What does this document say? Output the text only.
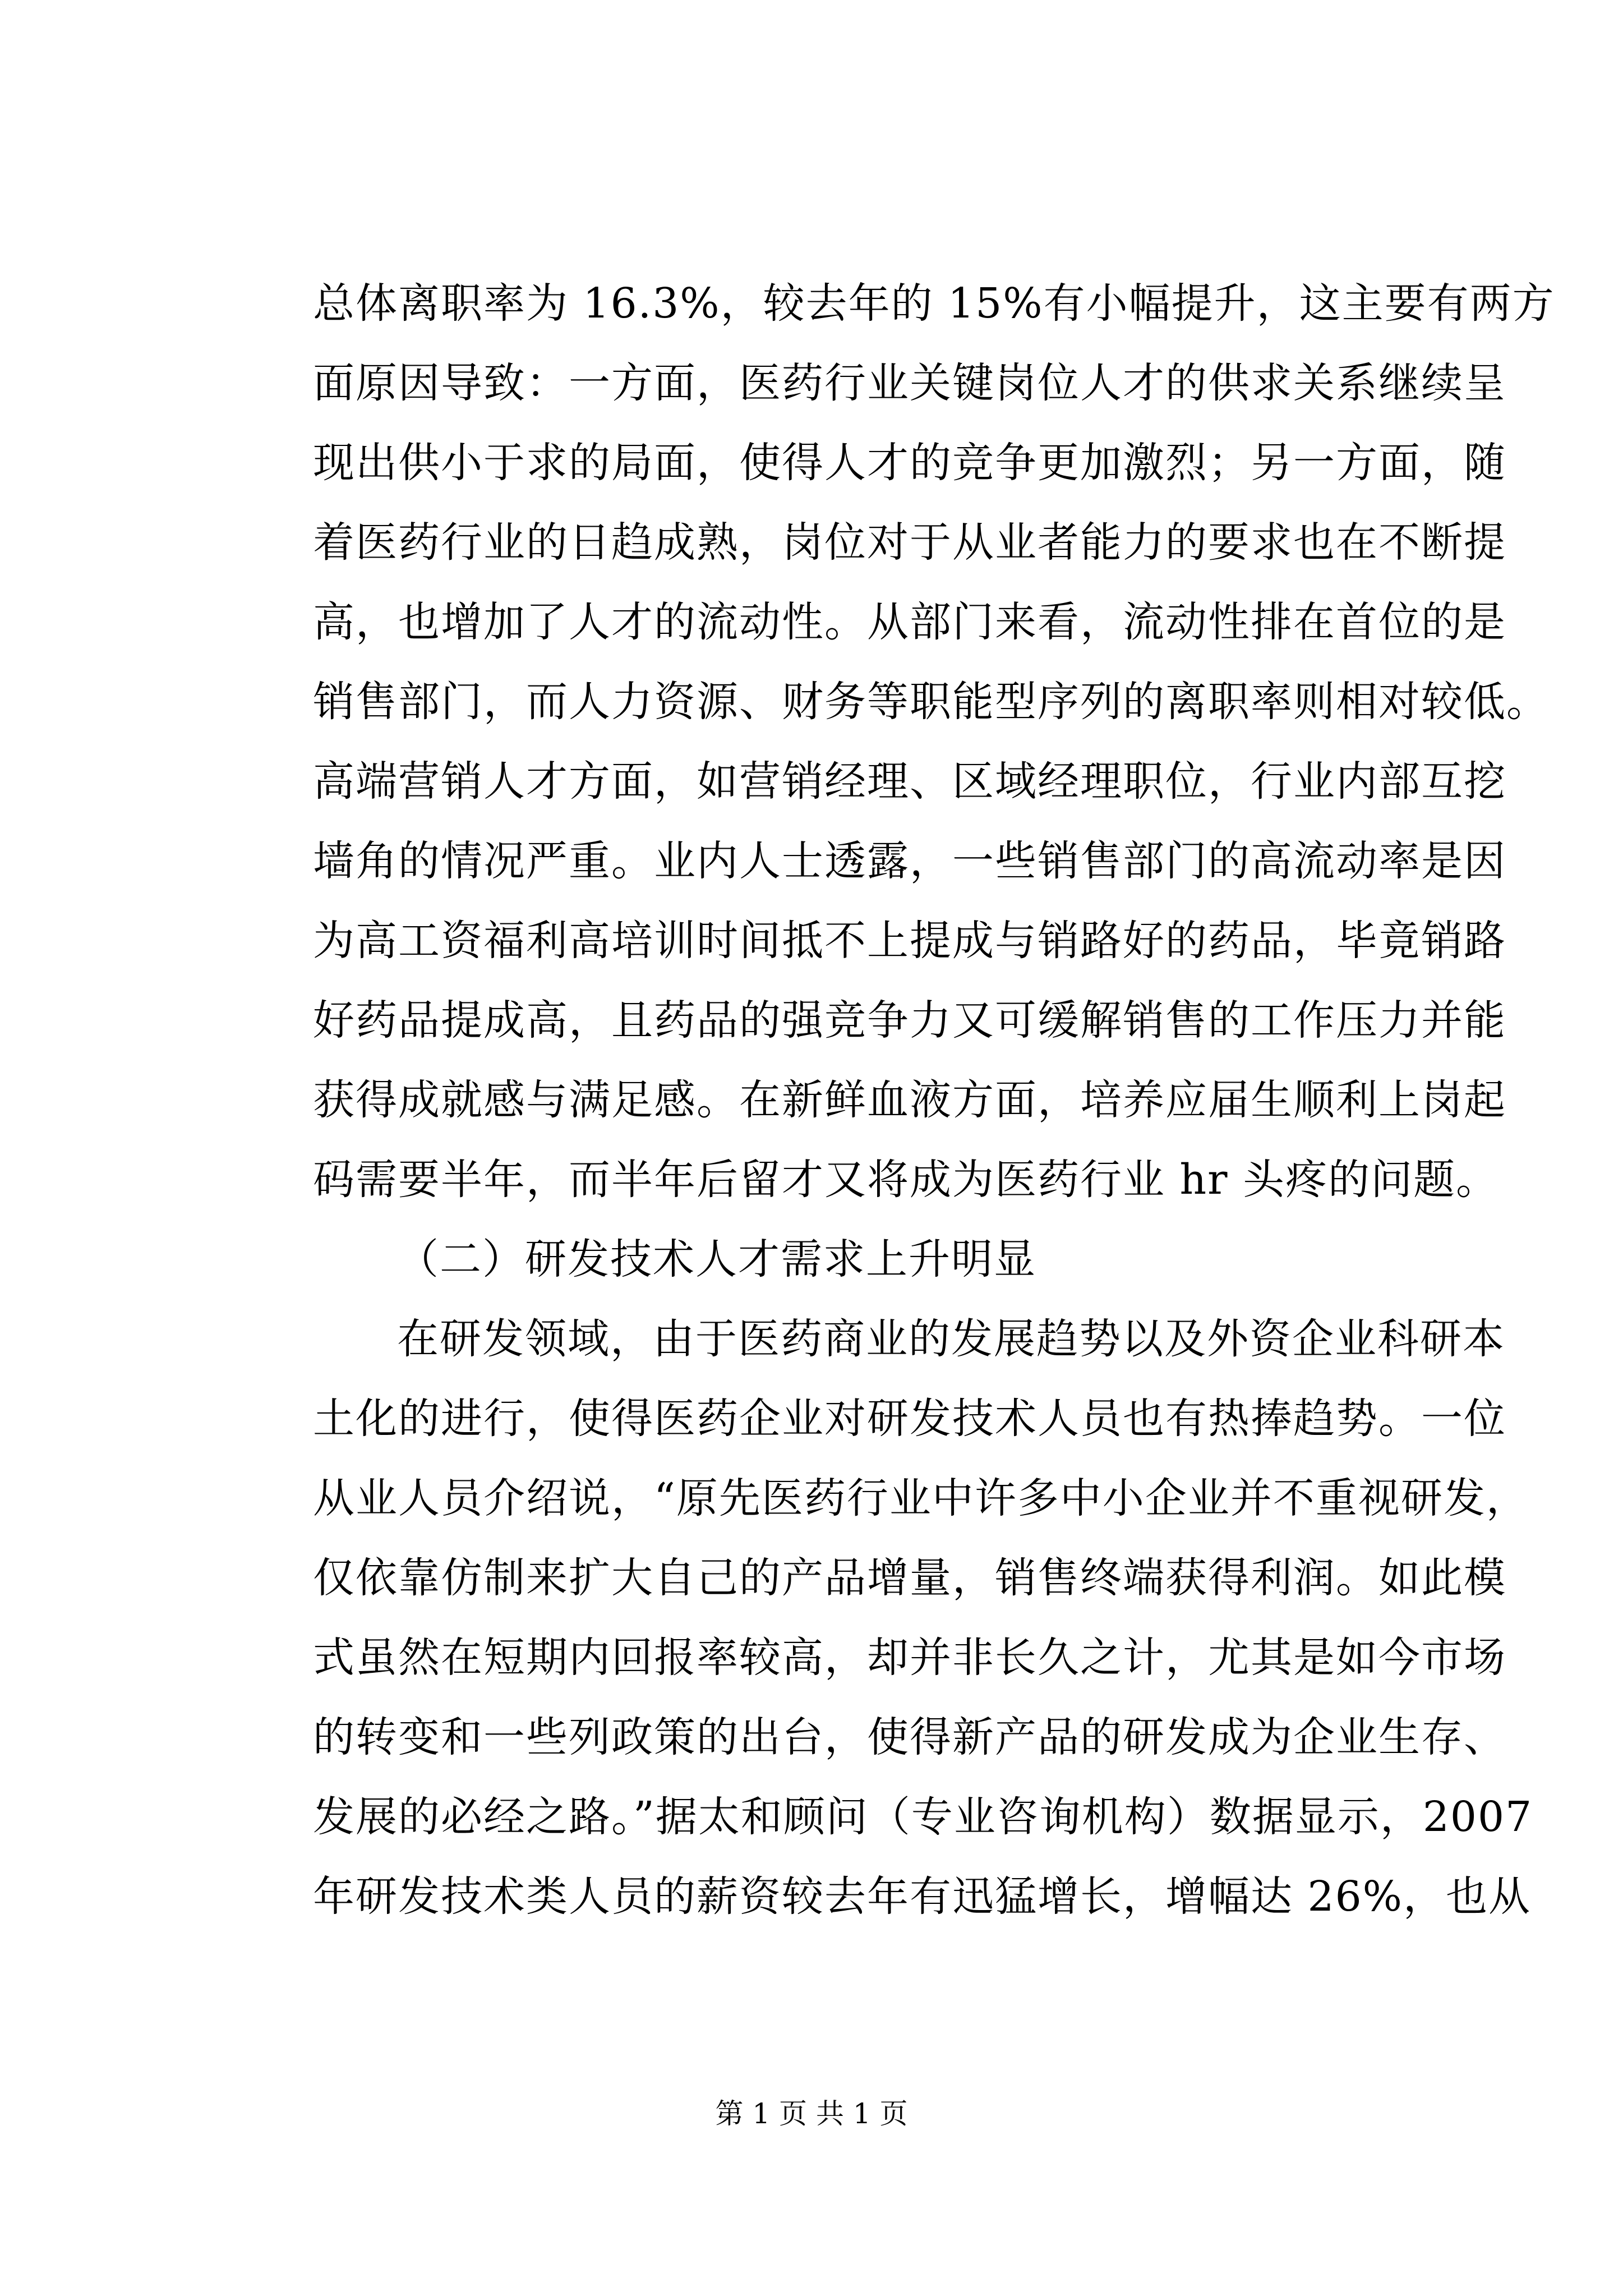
总体离职率为 16.3%，较去年的 15%有小幅提升，这主要有两方
面原因导致：一方面，医药行业关键岗位人才的供求关系继续呈
现出供小于求的局面，使得人才的竞争更加激烈；另一方面，随
着医药行业的日趋成熟，岗位对于从业者能力的要求也在不断提
高，也增加了人才的流动性。从部门来看，流动性排在首位的是
销售部门，而人力资源、财务等职能型序列的离职率则相对较低。
高端营销人才方面，如营销经理、区域经理职位，行业内部互挖
墙角的情况严重。业内人士透露，一些销售部门的高流动率是因
为高工资福利高培训时间抵不上提成与销路好的药品，毕竟销路
好药品提成高，且药品的强竞争力又可缓解销售的工作压力并能
获得成就感与满足感。在新鲜血液方面，培养应届生顺利上岗起
码需要半年，而半年后留才又将成为医药行业 hr 头疼的问题。
（二）研发技术人才需求上升明显
在研发领域，由于医药商业的发展趋势以及外资企业科研本
土化的进行，使得医药企业对研发技术人员也有热捧趋势。一位
从业人员介绍说，“原先医药行业中许多中小企业并不重视研发，
仅依靠仿制来扩大自己的产品增量，销售终端获得利润。如此模
式虽然在短期内回报率较高，却并非长久之计，尤其是如今市场
的转变和一些列政策的出台，使得新产品的研发成为企业生存、
发展的必经之路。”据太和顾问（专业咨询机构）数据显示，2007
年研发技术类人员的薪资较去年有迅猛增长，增幅达 26%，也从
第 1 页 共 1 页
